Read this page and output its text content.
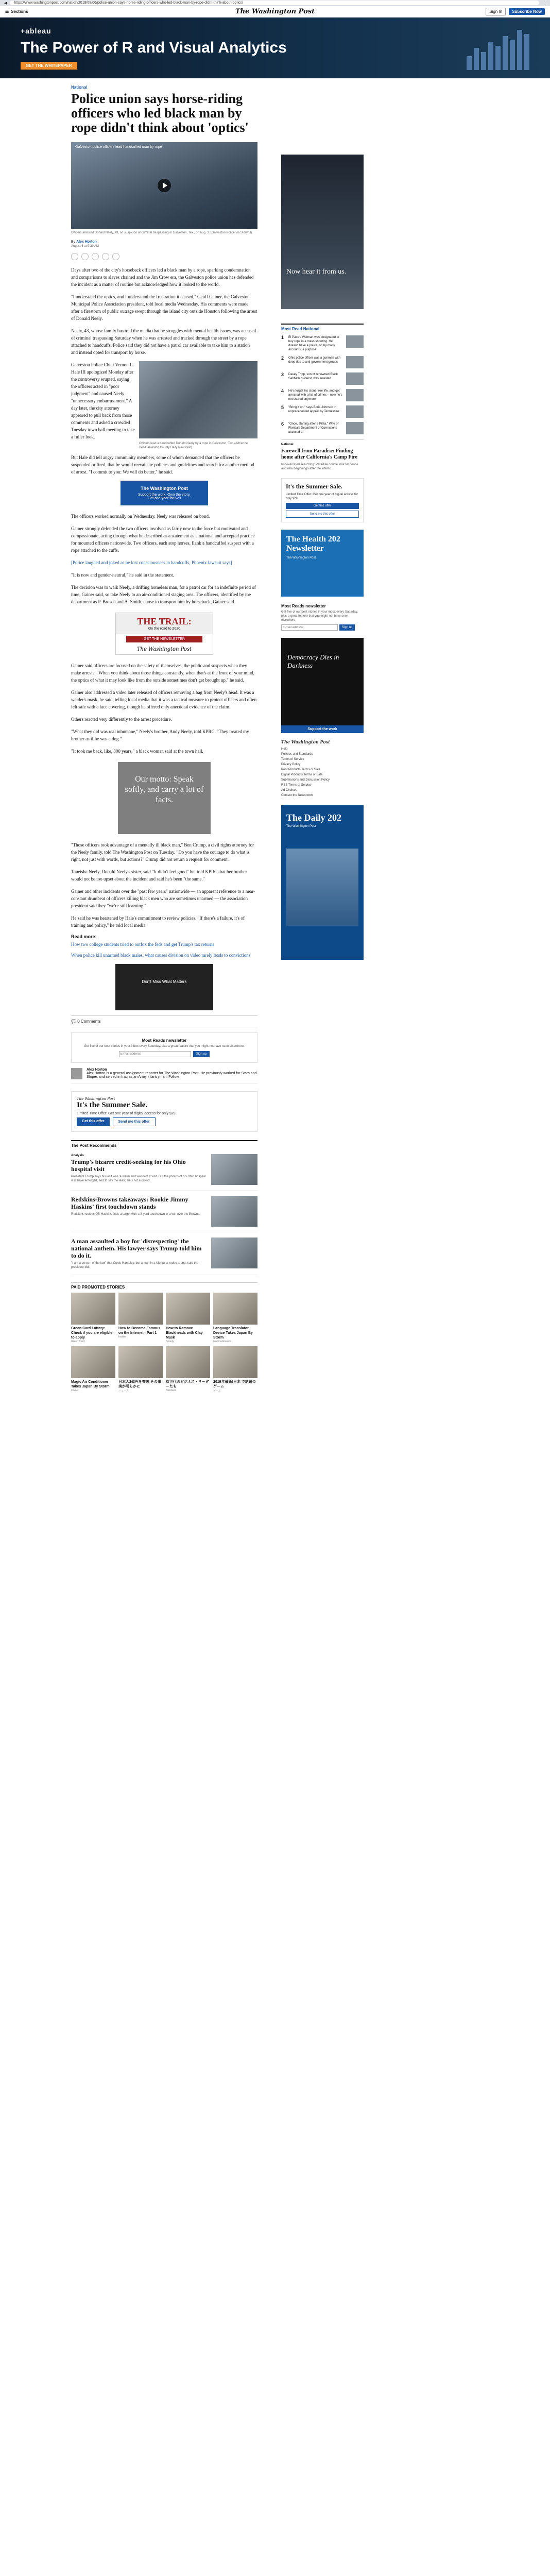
◀	https://www.washingtonpost.com/nation/2019/08/06/police-union-says-horse-riding-officers-who-led-black-man-by-rope-didnt-think-about-optics/	⋮
☰ Sections	The Washington Post	Sign In	Subscribe Now
+ableau
The Power of R and Visual Analytics
GET THE WHITEPAPER
National
Police union says horse-riding officers who led black man by rope didn't think about 'optics'
Galveston police officers lead handcuffed man by rope
Officers arrested Donald Neely, 43, on suspicion of criminal trespassing in Galveston, Tex., on Aug. 3. (Galveston Police via Storyful)
By Alex Horton
August 6 at 9:20 AM

Days after two of the city's horseback officers led a black man by a rope, sparking condemnation and comparisons to slaves chained and the Jim Crow era, the Galveston police union has defended the incident as a matter of routine but acknowledged how it looked to the world.

"I understand the optics, and I understand the frustration it caused," Geoff Gainer, the Galveston Municipal Police Association president, told local media Wednesday. His comments were made after a firestorm of public outrage swept through the island city outside Houston following the arrest of Donald Neely.

Neely, 43, whose family has told the media that he struggles with mental health issues, was accused of criminal trespassing Saturday when he was arrested and tracked through the street by a rope attached to handcuffs. Police said they did not have a patrol car available to take him to a station and instead opted for transport by horse.

Officers lead a handcuffed Donald Neely by a rope in Galveston, Tex. (Adrienne Bell/Galveston County Daily News/AP)

Galveston Police Chief Vernon L. Hale III apologized Monday after the controversy erupted, saying the officers acted in "poor judgment" and caused Neely "unnecessary embarrassment." A day later, the city attorney appeared to pull back from those comments and asked a crowded Tuesday town hall meeting to take a fuller look.

But Hale did tell angry community members, some of whom demanded that the officers be suspended or fired, that he would reevaluate policies and guidelines and search for another method of arrest. "I commit to you: We will do better," he said.

The Washington Post
Support the work. Own the story.
Get one year for $29

The officers worked normally on Wednesday. Neely was released on bond.

Gainer strongly defended the two officers involved as fairly new to the force but motivated and compassionate, acting through what he described as a statement as a national and accepted practice for mounted officers nationwide. Two officers, each atop horses, flank a handcuffed suspect with a rope attached to the cuffs.

[Police laughed and joked as he lost consciousness in handcuffs, Phoenix lawsuit says]

"It is now and gender-neutral," he said in the statement.

The decision was to walk Neely, a drifting homeless man, for a patrol car for an indefinite period of time, Gainer said, so take Neely to an air-conditioned staging area. The officers, identified by the department as P. Brosch and A. Smith, chose to transport him by horseback, Gainer said.

THE TRAIL:
On the road to 2020
GET THE NEWSLETTER
The Washington Post

Gainer said officers are focused on the safety of themselves, the public and suspects when they make arrests. "When you think about those things constantly, when that's at the front of your mind, the optics of what it may look like from the outside sometimes don't get brought up," he said.

Gainer also addressed a video later released of officers removing a bag from Neely's head. It was a welder's mask, he said, telling local media that it was a tactical measure to protect officers and often felt safe with a face covering, though he offered only anecdotal evidence of the claim.

Others reacted very differently to the arrest procedure.

"What they did was real inhumane," Neely's brother, Andy Neely, told KPRC. "They treated my brother as if he was a dog."

"It took me back, like, 300 years," a black woman said at the town hall.

Our motto: Speak softly, and carry a lot of facts.

"Those officers took advantage of a mentally ill black man," Ben Crump, a civil rights attorney for the Neely family, told The Washington Post on Tuesday. "Do you have the courage to do what is right, not just with words, but actions?" Crump did not return a request for comment.

Taneisha Neely, Donald Neely's sister, said "It didn't feel good" but told KPRC that her brother would not be too upset about the incident and said he's been "the same."

Gainer and other incidents over the "past few years" nationwide — an apparent reference to a near-constant drumbeat of officers killing black men who are sometimes unarmed — the association president said they "we're still learning."

He said he was heartened by Hale's commitment to review policies. "If there's a failure, it's of training and policy," he told local media.

Read more:
How two college students tried to outfox the feds and get Trump's tax returns
When police kill unarmed black males, what causes division on video rarely leads to convictions
Don't Miss What Matters
💬 0 Comments
Most Reads newsletter
Get five of our best stories in your inbox every Saturday, plus a great feature that you might not have seen elsewhere.
E-mail address
Sign up
Alex Horton
Alex Horton is a general assignment reporter for The Washington Post. He previously worked for Stars and Stripes and served in Iraq as an Army infantryman. Follow
The Washington Post
It's the Summer Sale.
Limited Time Offer: Get one year of digital access for only $29.
Get this offer	Send me this offer
The Post Recommends
Analysis
Trump's bizarre credit-seeking for his Ohio hospital visit
President Trump says his visit was 'a warm and wonderful' visit. But the photos of his Ohio hospital visit have emerged, and to say the least, he's not a crowd.
Redskins-Browns takeaways: Rookie Jimmy Haskins' first touchdown stands
Redskins rookies QB Haskins finds a target with a 3-yard touchdown in a win over the Browns.
A man assaulted a boy for 'disrespecting' the national anthem. His lawyer says Trump told him to do it.
"I am a person of the law" that Curtis Hampley, but a man in a Montana rodeo arena, said the president did.
PAID PROMOTED STORIES
Green Card Lottery: Check if you are eligible to apply
Green Card
How to Become Famous on the Internet - Part 1
Insider
How to Remove Blackheads with Clay Mask
Beauty
Language Translator Device Takes Japan By Storm
Muama Enence
Magic Air Conditioner Takes Japan By Storm
Cooler
日本人2億円を突破 その事実が明らかに
ニュース
次世代のビジネス・リーダーたち
Business
2019年最新!日本 で話題のゲーム
ゲーム
Now hear it from us.
Most Read National
1	El Paso's Walmart was designated to buy rope in a mass shooting. He doesn't have a police, or, by many accounts, a purpose
2	Ohio police officer was a gunman with deep ties to anti-government groups
3	Davey Tripp, son of renowned Black Sabbath guitarist, was arrested
4	He's forget his stone-free life, and got arrested with a list of crimes – now he's not scared anymore
5	"Bring it on," says Boris Johnson in unprecedented appeal by Tennessee
6	"Once, starting after 8 Pista," Wife of Florida's Department of Corrections accused of
National
Farewell from Paradise: Finding home after California's Camp Fire
Impoverished searching: Paradise couple look for peace and new beginnings after the inferno.
It's the Summer Sale.
Limited Time Offer: Get one year of digital access for only $29.
Get this offer
Send me this offer
The Health 202 Newsletter
The Washington Post
Most Reads newsletter
Get five of our best stories in your inbox every Saturday, plus a great feature that you might not have seen elsewhere.
E-mail address
Sign up
Democracy Dies in Darkness
Support the work
The Washington Post
Help
Policies and Standards
Terms of Service
Privacy Policy
Print Products Terms of Sale
Digital Products Terms of Sale
Submissions and Discussion Policy
RSS Terms of Service
Ad Choices
Contact the Newsroom
The Daily 202
The Washington Post
